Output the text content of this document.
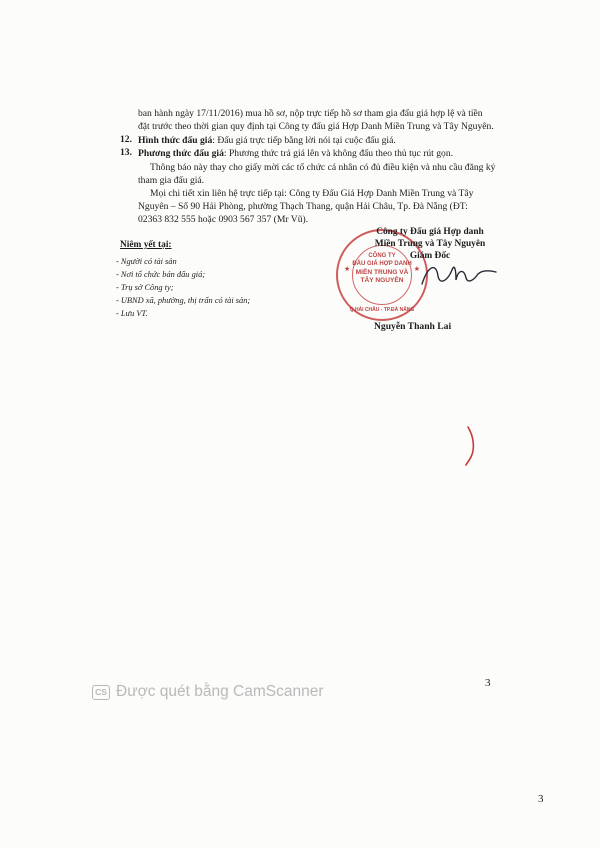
ban hành ngày 17/11/2016) mua hồ sơ, nộp trực tiếp hồ sơ tham gia đấu giá hợp lệ và tiền
đặt trước theo thời gian quy định tại Công ty đấu giá Hợp Danh Miền Trung và Tây Nguyên.
12. Hình thức đấu giá: Đấu giá trực tiếp bằng lời nói tại cuộc đấu giá.
13. Phương thức đấu giá: Phương thức trả giá lên và không đấu theo thủ tục rút gọn.
Thông báo này thay cho giấy mời các tổ chức cá nhân có đủ điều kiện và nhu cầu đăng ký
tham gia đấu giá.
Mọi chi tiết xin liên hệ trực tiếp tại: Công ty Đấu Giá Hợp Danh Miền Trung và Tây
Nguyên – Số 90 Hải Phòng, phường Thạch Thang, quận Hải Châu, Tp. Đà Nẵng (ĐT:
02363 832 555 hoặc 0903 567 357 (Mr Vũ).
Niêm yết tại:
- Người có tài sản
- Nơi tổ chức bán đấu giá;
- Trụ sở Công ty;
- UBND xã, phường, thị trấn có tài sản;
- Lưu VT.
★	★
CÔNG TY
ĐẤU GIÁ HỢP DANH
MIỀN TRUNG VÀ
TÂY NGUYÊN
Q.HẢI CHÂU - TP.ĐÀ NẴNG
Công ty Đấu giá Hợp danh
Miền Trung và Tây Nguyên
Giám Đốc
Nguyễn Thanh Lai
3
3
CS Được quét bằng CamScanner
